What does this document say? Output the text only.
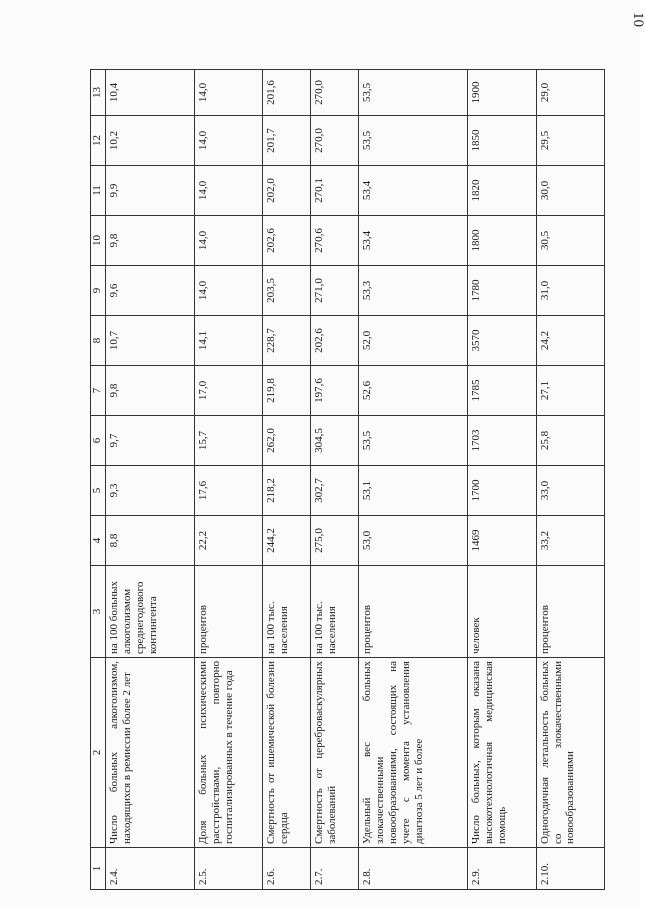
10
1	2	3	4	5	6	7	8	9	10	11	12	13
2.4.	Число больных алкоголизмом, находящихся в ремиссии более 2 лет	на 100 больных алкоголизмом среднегодового контингента	8,8	9,3	9,7	9,8	10,7	9,6	9,8	9,9	10,2	10,4
2.5.	Доля больных психическими расстройствами, повторно госпитализированных в течение года	процентов	22,2	17,6	15,7	17,0	14,1	14,0	14,0	14,0	14,0	14,0
2.6.	Смертность от ишемической болезни сердца	на 100 тыс. населения	244,2	218,2	262,0	219,8	228,7	203,5	202,6	202,0	201,7	201,6
2.7.	Смертность от цереброваскулярных заболеваний	на 100 тыс. населения	275,0	302,7	304,5	197,6	202,6	271,0	270,6	270,1	270,0	270,0
2.8.	Удельный вес больных злокачественными новообразованиями, состоящих на учете с момента установления диагноза 5 лет и более	процентов	53,0	53,1	53,5	52,6	52,0	53,3	53,4	53,4	53,5	53,5
2.9.	Число больных, которым оказана высокотехнологичная медицинская помощь	человек	1469	1700	1703	1785	3570	1780	1800	1820	1850	1900
2.10.	Одногодичная летальность больных со злокачественными новообразованиями	процентов	33,2	33,0	25,8	27,1	24,2	31,0	30,5	30,0	29,5	29,0
